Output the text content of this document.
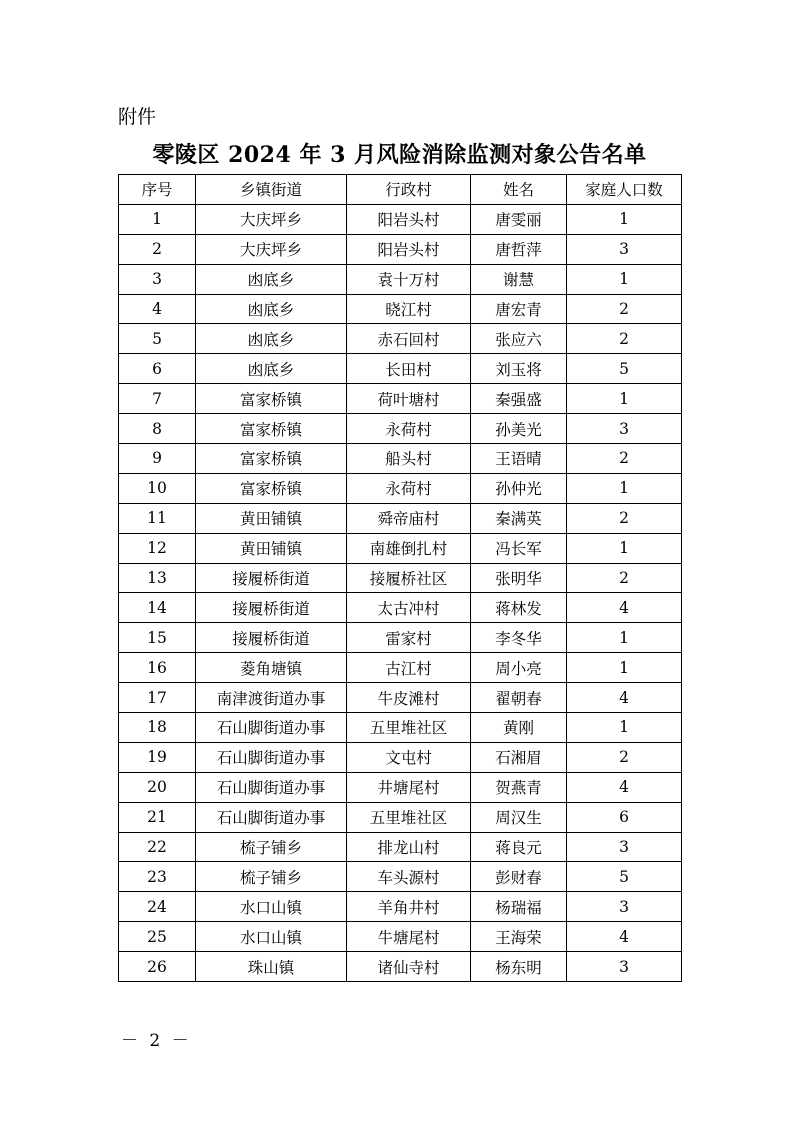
附件
零陵区 2024 年 3 月风险消除监测对象公告名单
序号	乡镇街道	行政村	姓名	家庭人口数
1	大庆坪乡	阳岩头村	唐雯丽	1
2	大庆坪乡	阳岩头村	唐哲萍	3
3	凼底乡	袁十万村	谢慧	1
4	凼底乡	晓江村	唐宏青	2
5	凼底乡	赤石回村	张应六	2
6	凼底乡	长田村	刘玉将	5
7	富家桥镇	荷叶塘村	秦强盛	1
8	富家桥镇	永荷村	孙美光	3
9	富家桥镇	船头村	王语晴	2
10	富家桥镇	永荷村	孙仲光	1
11	黄田铺镇	舜帝庙村	秦满英	2
12	黄田铺镇	南雄倒扎村	冯长军	1
13	接履桥街道	接履桥社区	张明华	2
14	接履桥街道	太古冲村	蒋林发	4
15	接履桥街道	雷家村	李冬华	1
16	菱角塘镇	古江村	周小亮	1
17	南津渡街道办事	牛皮滩村	翟朝春	4
18	石山脚街道办事	五里堆社区	黄刚	1
19	石山脚街道办事	文屯村	石湘眉	2
20	石山脚街道办事	井塘尾村	贺燕青	4
21	石山脚街道办事	五里堆社区	周汉生	6
22	梳子铺乡	排龙山村	蒋良元	3
23	梳子铺乡	车头源村	彭财春	5
24	水口山镇	羊角井村	杨瑞福	3
25	水口山镇	牛塘尾村	王海荣	4
26	珠山镇	诸仙寺村	杨东明	3
－ 2 －
